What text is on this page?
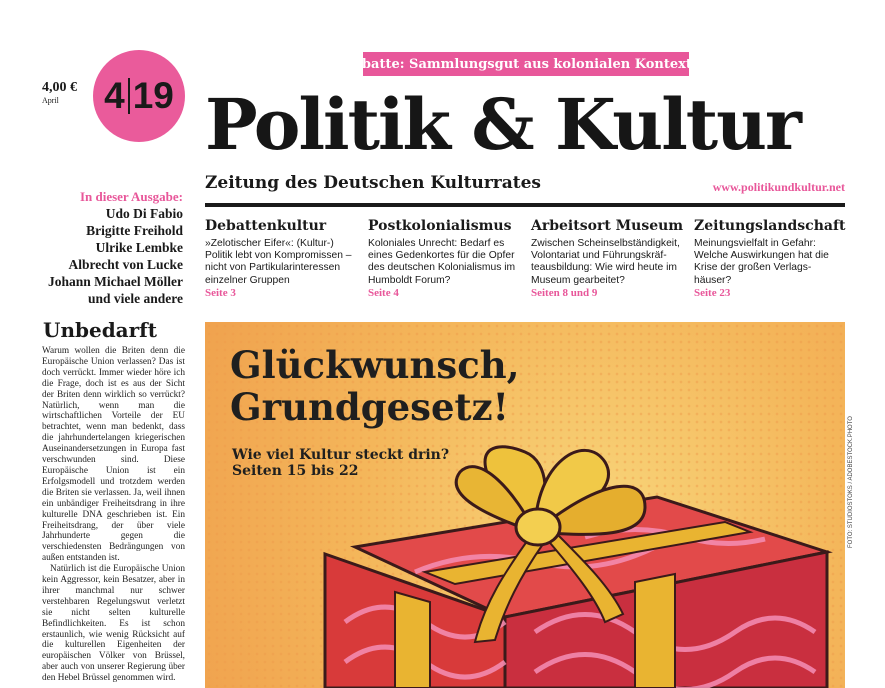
Debatte: Sammlungsgut aus kolonialen Kontexten
4,00 €
April 4 19 Politik & Kultur
Zeitung des Deutschen Kulturrates	www.politikundkultur.net
In dieser Ausgabe:
Udo Di Fabio
Brigitte Freihold
Ulrike Lembke
Albrecht von Lucke
Johann Michael Möller
und viele andere
Debattenkultur
»Zelotischer Eifer«: (Kultur-) Politik lebt von Kompromissen – nicht von Partikularinteressen einzelner Gruppen
Seite 3
Postkolonialismus
Koloniales Unrecht: Bedarf es eines Gedenkortes für die Opfer des deutschen Kolonialismus im Humboldt Forum?
Seite 4
Arbeitsort Museum
Zwischen Scheinselbständigkeit, Volontariat und Führungskräfteausbildung: Wie wird heute im Museum gearbeitet?
Seiten 8 und 9
Zeitungslandschaft
Meinungsvielfalt in Gefahr: Welche Auswirkungen hat die Krise der großen Verlagshäuser?
Seite 23
Unbedarft

Warum wollen die Briten denn die Europäische Union verlassen? Das ist doch verrückt. Immer wieder höre ich die Frage, doch ist es aus der Sicht der Briten denn wirklich so verrückt? Natürlich, wenn man die wirtschaftlichen Vorteile der EU betrachtet, wenn man bedenkt, dass die jahrhundertelangen kriegerischen Auseinandersetzungen in Europa fast verschwunden sind. Diese Europäische Union ist ein Erfolgsmodell und trotzdem werden die Briten sie verlassen. Ja, weil ihnen ein unbändiger Freiheitsdrang in ihre kulturelle DNA geschrieben ist. Ein Freiheitsdrang, der über viele Jahrhunderte gegen die verschiedensten Bedrängungen von außen entstanden ist.

Natürlich ist die Europäische Union kein Aggressor, kein Besatzer, aber in ihrer manchmal nur schwer verstehbaren Regelungswut verletzt sie nicht selten kulturelle Befindlichkeiten. Es ist schon erstaunlich, wie wenig Rücksicht auf die kulturellen Eigenheiten der europäischen Völker von Brüssel, aber auch von unserer Regierung über den Hebel Brüssel genommen wird.

Glückwunsch,
Grundgesetz!
Wie viel Kultur steckt drin?
Seiten 15 bis 22	FOTO: STUDIOSTOKS / ADOBESTOCK.PHOTO
